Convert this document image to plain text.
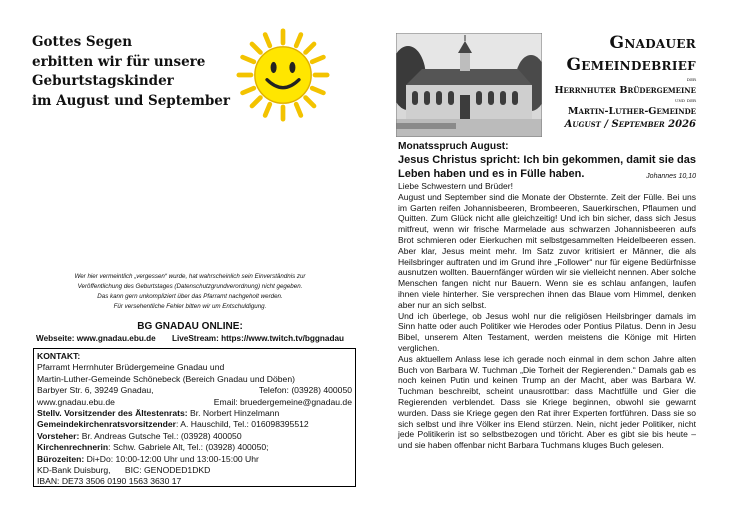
Gottes Segen
erbitten wir für unsere
Geburtstagskinder
im August und September
Wer hier vermeintlich „vergessen“ wurde, hat wahrscheinlich sein Einverständnis zur
Veröffentlichung des Geburtstages (Datenschutzgrundverordnung) nicht gegeben.
Das kann gern unkompliziert über das Pfarramt nachgeholt werden.
Für versehentliche Fehler bitten wir um Entschuldigung.
BG GNADAU ONLINE:
Webseite: www.gnadau.ebu.de LiveStream: https://www.twitch.tv/bggnadau
KONTAKT:
Pfarramt Herrnhuter Brüdergemeine Gnadau und
Martin-Luther-Gemeinde Schönebeck (Bereich Gnadau und Döben)
Barbyer Str. 6, 39249 Gnadau,	Telefon: (03928) 400050
www.gnadau.ebu.de	Email: bruedergemeine@gnadau.de
Stellv. Vorsitzender des Ältestenrats: Br. Norbert Hinzelmann
Gemeindekirchenratsvorsitzender: A. Hauschild, Tel.: 016098395512
Vorsteher: Br. Andreas Gutsche Tel.: (03928) 400050
Kirchenrechnerin: Schw. Gabriele Alt, Tel.: (03928) 400050;
Bürozeiten: Di+Do: 10:00-12:00 Uhr und 13:00-15:00 Uhr
KD-Bank Duisburg,      BIC: GENODED1DKD
IBAN: DE73 3506 0190 1563 3630 17
Gnadauer
Gemeindebrief
der
Herrnhuter Brüdergemeine
und der
Martin-Luther-Gemeinde
August / September 2026
Monatsspruch August:
Jesus Christus spricht: Ich bin gekommen, damit sie das Leben haben und es in Fülle haben.	Johannes 10,10

Liebe Schwestern und Brüder!

August und September sind die Monate der Obsternte. Zeit der Fülle. Bei uns im Garten reifen Johannisbeeren, Brombeeren, Sauerkirschen, Pflaumen und Quitten. Zum Glück nicht alle gleichzeitig! Und ich bin sicher, dass sich Jesus mitfreut, wenn wir frische Marmelade aus schwarzen Johannisbeeren aufs Brot schmieren oder Eierkuchen mit selbstgesammelten Heidelbeeren essen. Aber klar, Jesus meint mehr. Im Satz zuvor kritisiert er Männer, die als Heilsbringer auftraten und im Grund ihre „Follower“ nur für eigene Bedürfnisse ausnutzen wollten. Bauernfänger würden wir sie vielleicht nennen. Aber solche Menschen fangen nicht nur Bauern. Wenn sie es schlau anfangen, laufen ihnen viele hinterher. Sie versprechen ihnen das Blaue vom Himmel, denken aber nur an sich selbst.

Und ich überlege, ob Jesus wohl nur die religiösen Heilsbringer damals im Sinn hatte oder auch Politiker wie Herodes oder Pontius Pilatus. Denn in Jesu Bibel, unserem Alten Testament, werden meistens die Könige mit Hirten verglichen.

Aus aktuellem Anlass lese ich gerade noch einmal in dem schon Jahre alten Buch von Barbara W. Tuchman „Die Torheit der Regierenden.“ Damals gab es noch keinen Putin und keinen Trump an der Macht, aber was Barbara W. Tuchman beschreibt, scheint unausrottbar: dass Machtfülle und Gier die Regierenden verblendet. Dass sie Kriege beginnen, obwohl sie gewarnt wurden. Dass sie Kriege gegen den Rat ihrer Experten fortführen. Dass sie so sich selbst und ihre Völker ins Elend stürzen. Nein, nicht jeder Politiker, nicht jede Politikerin ist so selbstbezogen und töricht. Aber es gibt sie bis heute – und sie haben offenbar nicht Barbara Tuchmans kluges Buch gelesen.
